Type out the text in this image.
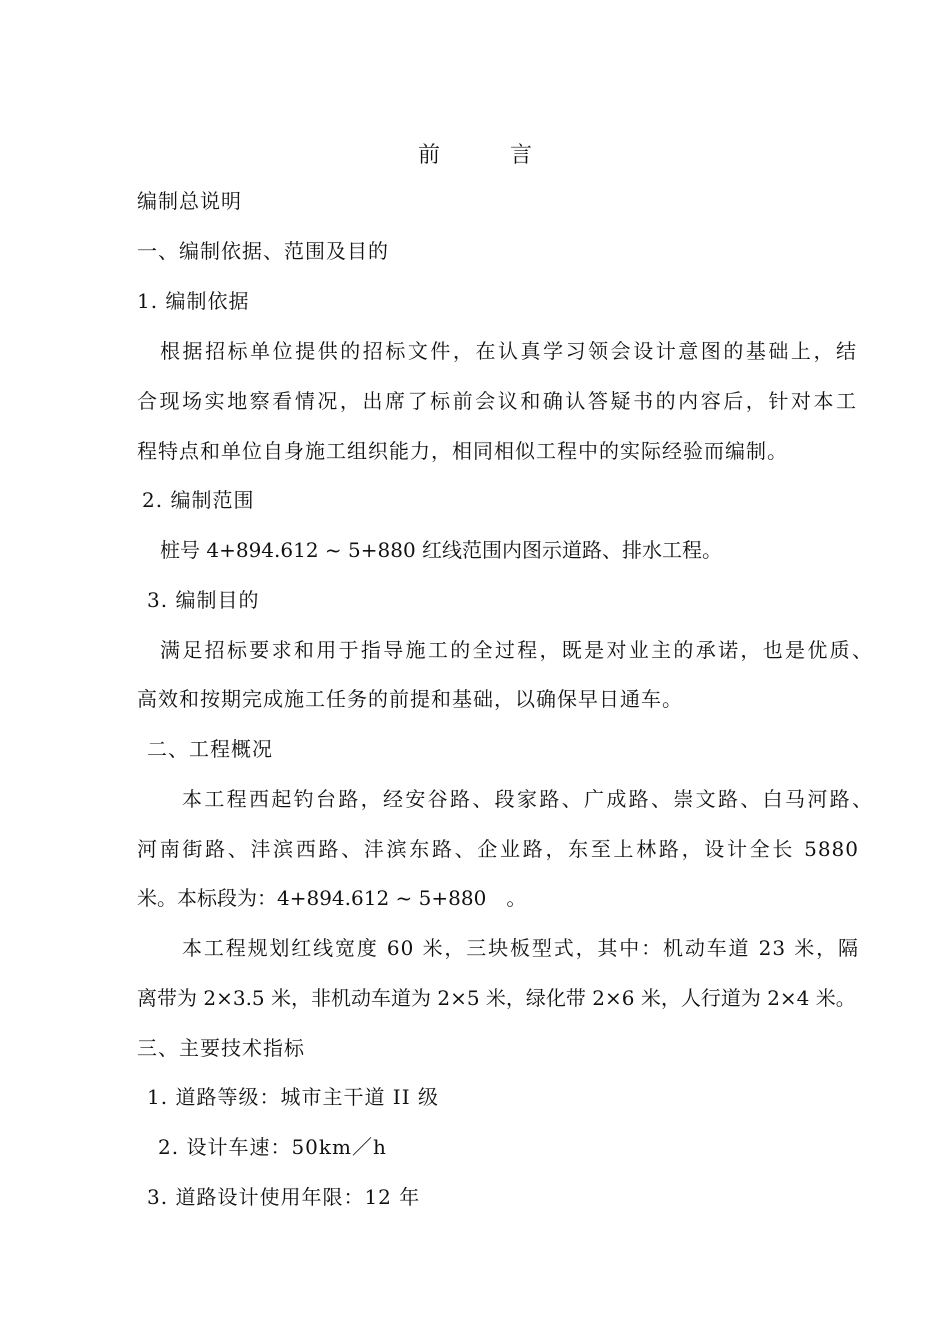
前	言
编制总说明
一、编制依据、范围及目的
1. 编制依据
根据招标单位提供的招标文件，在认真学习领会设计意图的基础上，结
合现场实地察看情况，出席了标前会议和确认答疑书的内容后，针对本工
程特点和单位自身施工组织能力，相同相似工程中的实际经验而编制。
2. 编制范围
桩号 4+894.612 ~ 5+880 红线范围内图示道路、排水工程。
3. 编制目的
满足招标要求和用于指导施工的全过程，既是对业主的承诺，也是优质、
高效和按期完成施工任务的前提和基础，以确保早日通车。
二、工程概况
本工程西起钓台路，经安谷路、段家路、广成路、崇文路、白马河路、
河南街路、沣滨西路、沣滨东路、企业路，东至上林路，设计全长 5880
米。本标段为：4+894.612 ~ 5+880　。
本工程规划红线宽度 60 米，三块板型式，其中：机动车道 23 米，隔
离带为 2×3.5 米，非机动车道为 2×5 米，绿化带 2×6 米，人行道为 2×4 米。
三、主要技术指标
1. 道路等级：城市主干道 II 级
2. 设计车速：50km／h
3. 道路设计使用年限：12 年
